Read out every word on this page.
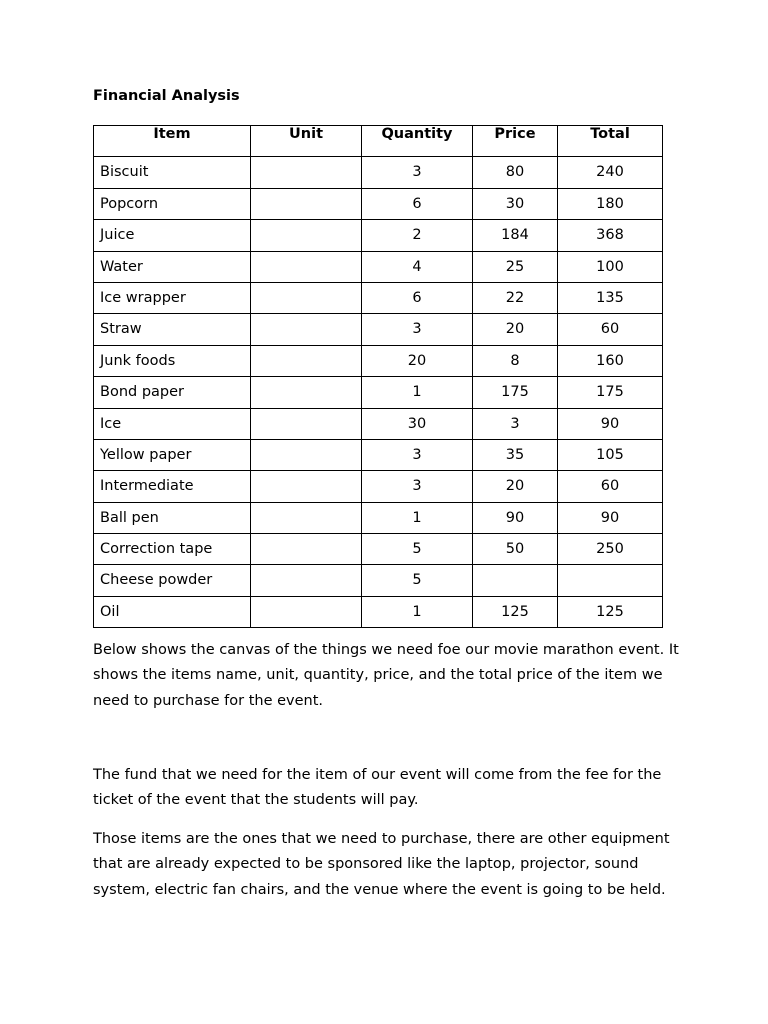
Financial Analysis
Item	Unit	Quantity	Price	Total
Biscuit		3	80	240
Popcorn		6	30	180
Juice		2	184	368
Water		4	25	100
Ice wrapper		6	22	135
Straw		3	20	60
Junk foods		20	8	160
Bond paper		1	175	175
Ice		30	3	90
Yellow paper		3	35	105
Intermediate		3	20	60
Ball pen		1	90	90
Correction tape		5	50	250
Cheese powder		5		
Oil		1	125	125

Below shows the canvas of the things we need foe our movie marathon event. It shows the items name, unit, quantity, price, and the total price of the item we need to purchase for the event.

The fund that we need for the item of our event will come from the fee for the ticket of the event that the students will pay.

Those items are the ones that we need to purchase, there are other equipment that are already expected to be sponsored like the laptop, projector, sound system, electric fan chairs, and the venue where the event is going to be held.
